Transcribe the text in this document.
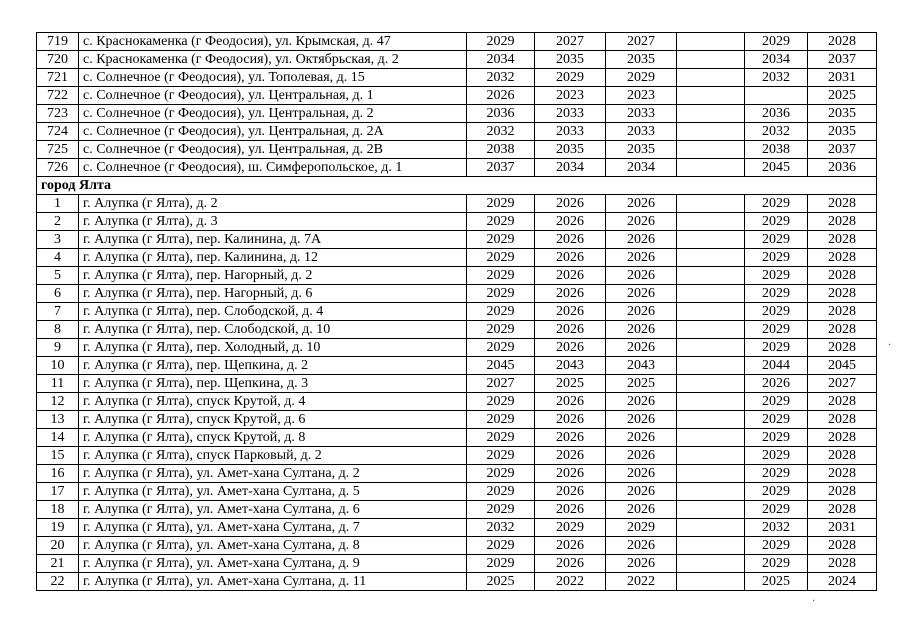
719	с. Краснокаменка (г Феодосия), ул. Крымская, д. 47	2029	2027	2027		2029	2028
720	с. Краснокаменка (г Феодосия), ул. Октябрьская, д. 2	2034	2035	2035		2034	2037
721	с. Солнечное (г Феодосия), ул. Тополевая, д. 15	2032	2029	2029		2032	2031
722	с. Солнечное (г Феодосия), ул. Центральная, д. 1	2026	2023	2023			2025
723	с. Солнечное (г Феодосия), ул. Центральная, д. 2	2036	2033	2033		2036	2035
724	с. Солнечное (г Феодосия), ул. Центральная, д. 2А	2032	2033	2033		2032	2035
725	с. Солнечное (г Феодосия), ул. Центральная, д. 2В	2038	2035	2035		2038	2037
726	с. Солнечное (г Феодосия), ш. Симферопольское, д. 1	2037	2034	2034		2045	2036
город Ялта							
1	г. Алупка (г Ялта), д. 2	2029	2026	2026		2029	2028
2	г. Алупка (г Ялта), д. 3	2029	2026	2026		2029	2028
3	г. Алупка (г Ялта), пер. Калинина, д. 7А	2029	2026	2026		2029	2028
4	г. Алупка (г Ялта), пер. Калинина, д. 12	2029	2026	2026		2029	2028
5	г. Алупка (г Ялта), пер. Нагорный, д. 2	2029	2026	2026		2029	2028
6	г. Алупка (г Ялта), пер. Нагорный, д. 6	2029	2026	2026		2029	2028
7	г. Алупка (г Ялта), пер. Слободской, д. 4	2029	2026	2026		2029	2028
8	г. Алупка (г Ялта), пер. Слободской, д. 10	2029	2026	2026		2029	2028
9	г. Алупка (г Ялта), пер. Холодный, д. 10	2029	2026	2026		2029	2028
10	г. Алупка (г Ялта), пер. Щепкина, д. 2	2045	2043	2043		2044	2045
11	г. Алупка (г Ялта), пер. Щепкина, д. 3	2027	2025	2025		2026	2027
12	г. Алупка (г Ялта), спуск Крутой, д. 4	2029	2026	2026		2029	2028
13	г. Алупка (г Ялта), спуск Крутой, д. 6	2029	2026	2026		2029	2028
14	г. Алупка (г Ялта), спуск Крутой, д. 8	2029	2026	2026		2029	2028
15	г. Алупка (г Ялта), спуск Парковый, д. 2	2029	2026	2026		2029	2028
16	г. Алупка (г Ялта), ул. Амет-хана Султана, д. 2	2029	2026	2026		2029	2028
17	г. Алупка (г Ялта), ул. Амет-хана Султана, д. 5	2029	2026	2026		2029	2028
18	г. Алупка (г Ялта), ул. Амет-хана Султана, д. 6	2029	2026	2026		2029	2028
19	г. Алупка (г Ялта), ул. Амет-хана Султана, д. 7	2032	2029	2029		2032	2031
20	г. Алупка (г Ялта), ул. Амет-хана Султана, д. 8	2029	2026	2026		2029	2028
21	г. Алупка (г Ялта), ул. Амет-хана Султана, д. 9	2029	2026	2026		2029	2028
22	г. Алупка (г Ялта), ул. Амет-хана Султана, д. 11	2025	2022	2022		2025	2024
·
·
